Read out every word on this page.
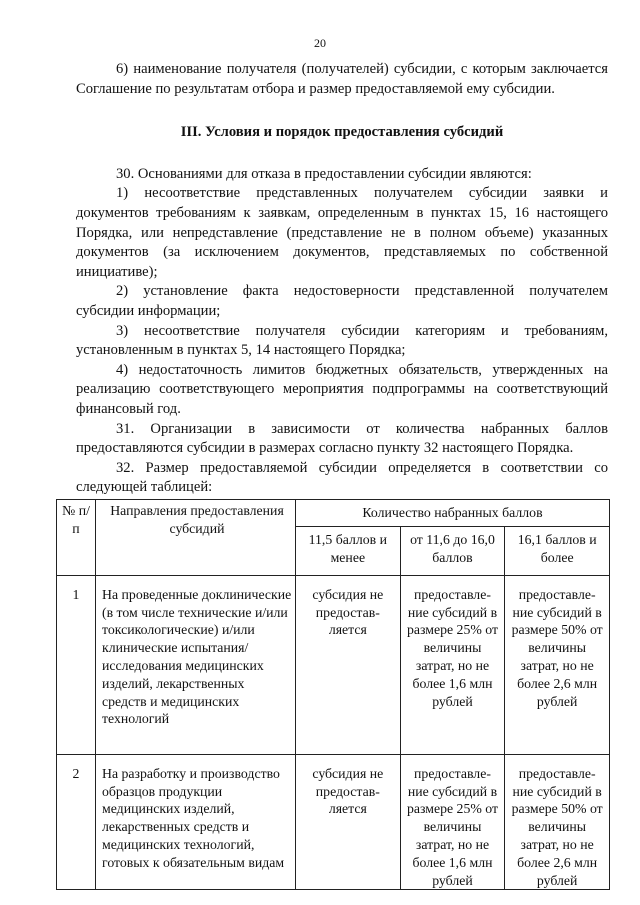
20

6) наименование получателя (получателей) субсидии, с которым заключается Соглашение по результатам отбора и размер предоставляемой ему субсидии.

III. Условия и порядок предоставления субсидий

30. Основаниями для отказа в предоставлении субсидии являются:

1) несоответствие представленных получателем субсидии заявки и документов требованиям к заявкам, определенным в пунктах 15, 16 настоящего Порядка, или непредставление (представление не в полном объеме) указанных документов (за исключением документов, представляемых по собственной инициативе);

2) установление факта недостоверности представленной получателем субсидии информации;

3) несоответствие получателя субсидии категориям и требованиям, установленным в пунктах 5, 14 настоящего Порядка;

4) недостаточность лимитов бюджетных обязательств, утвержденных на реализацию соответствующего мероприятия подпрограммы на соответствующий финансовый год.

31. Организации в зависимости от количества набранных баллов предоставляются субсидии в размерах согласно пункту 32 настоящего Порядка.

32. Размер предоставляемой субсидии определяется в соответствии со следующей таблицей:

№ п/п	Направления предоставления субсидий	Количество набранных баллов		
		11,5 баллов и менее	от 11,6 до 16,0 баллов	16,1 баллов и более
1	На проведенные доклинические (в том числе технические и/или токсикологические) и/или клинические испытания/исследования медицинских изделий, лекарственных средств и медицинских технологий	субсидия не предостав-ляется	предоставле-ние субсидий в размере 25% от величины затрат, но не более 1,6 млн рублей	предоставле-ние субсидий в размере 50% от величины затрат, но не более 2,6 млн рублей
2	На разработку и производство образцов продукции медицинских изделий, лекарственных средств и медицинских технологий, готовых к обязательным видам	субсидия не предостав-ляется	предоставле-ние субсидий в размере 25% от величины затрат, но не более 1,6 млн рублей	предоставле-ние субсидий в размере 50% от величины затрат, но не более 2,6 млн рублей
